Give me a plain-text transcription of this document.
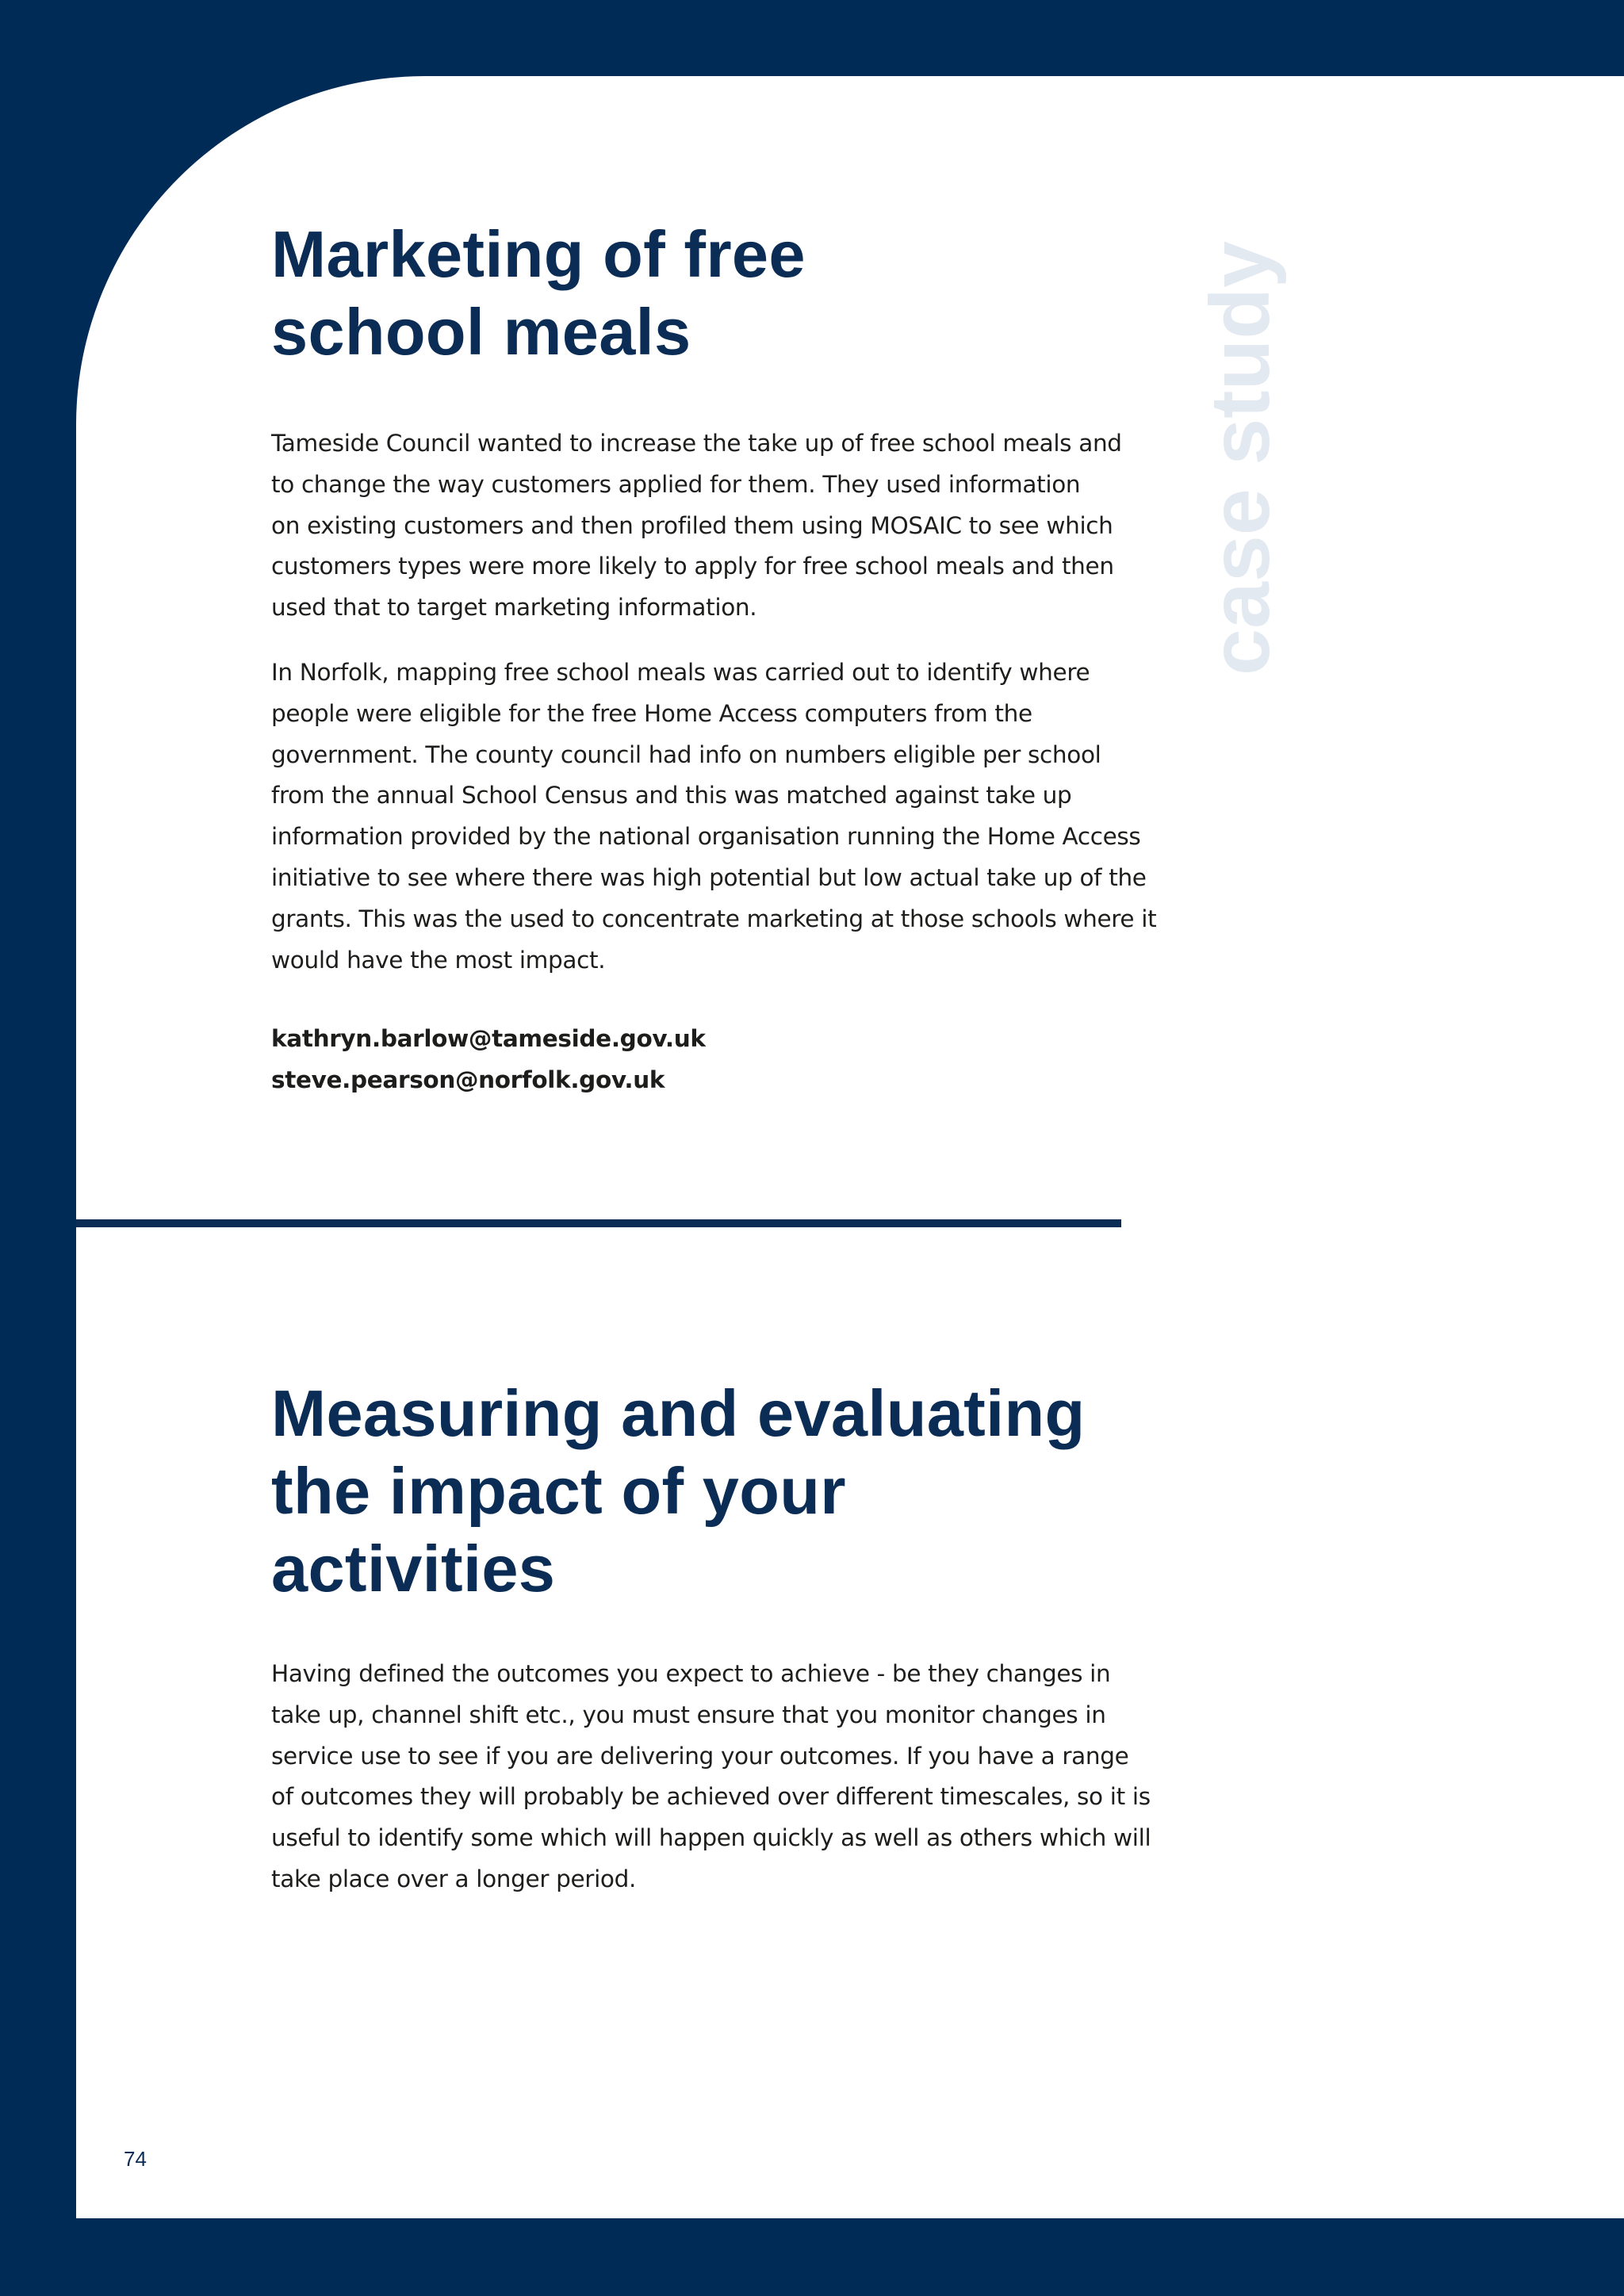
case study
Marketing of free
school meals

Tameside Council wanted to increase the take up of free school meals and
to change the way customers applied for them. They used information
on existing customers and then profiled them using MOSAIC to see which
customers types were more likely to apply for free school meals and then
used that to target marketing information.

In Norfolk, mapping free school meals was carried out to identify where
people were eligible for the free Home Access computers from the
government. The county council had info on numbers eligible per school
from the annual School Census and this was matched against take up
information provided by the national organisation running the Home Access
initiative to see where there was high potential but low actual take up of the
grants. This was the used to concentrate marketing at those schools where it
would have the most impact.

kathryn.barlow@tameside.gov.uk
steve.pearson@norfolk.gov.uk
Measuring and evaluating
the impact of your
activities

Having defined the outcomes you expect to achieve - be they changes in
take up, channel shift etc., you must ensure that you monitor changes in
service use to see if you are delivering your outcomes. If you have a range
of outcomes they will probably be achieved over different timescales, so it is
useful to identify some which will happen quickly as well as others which will
take place over a longer period.

74
